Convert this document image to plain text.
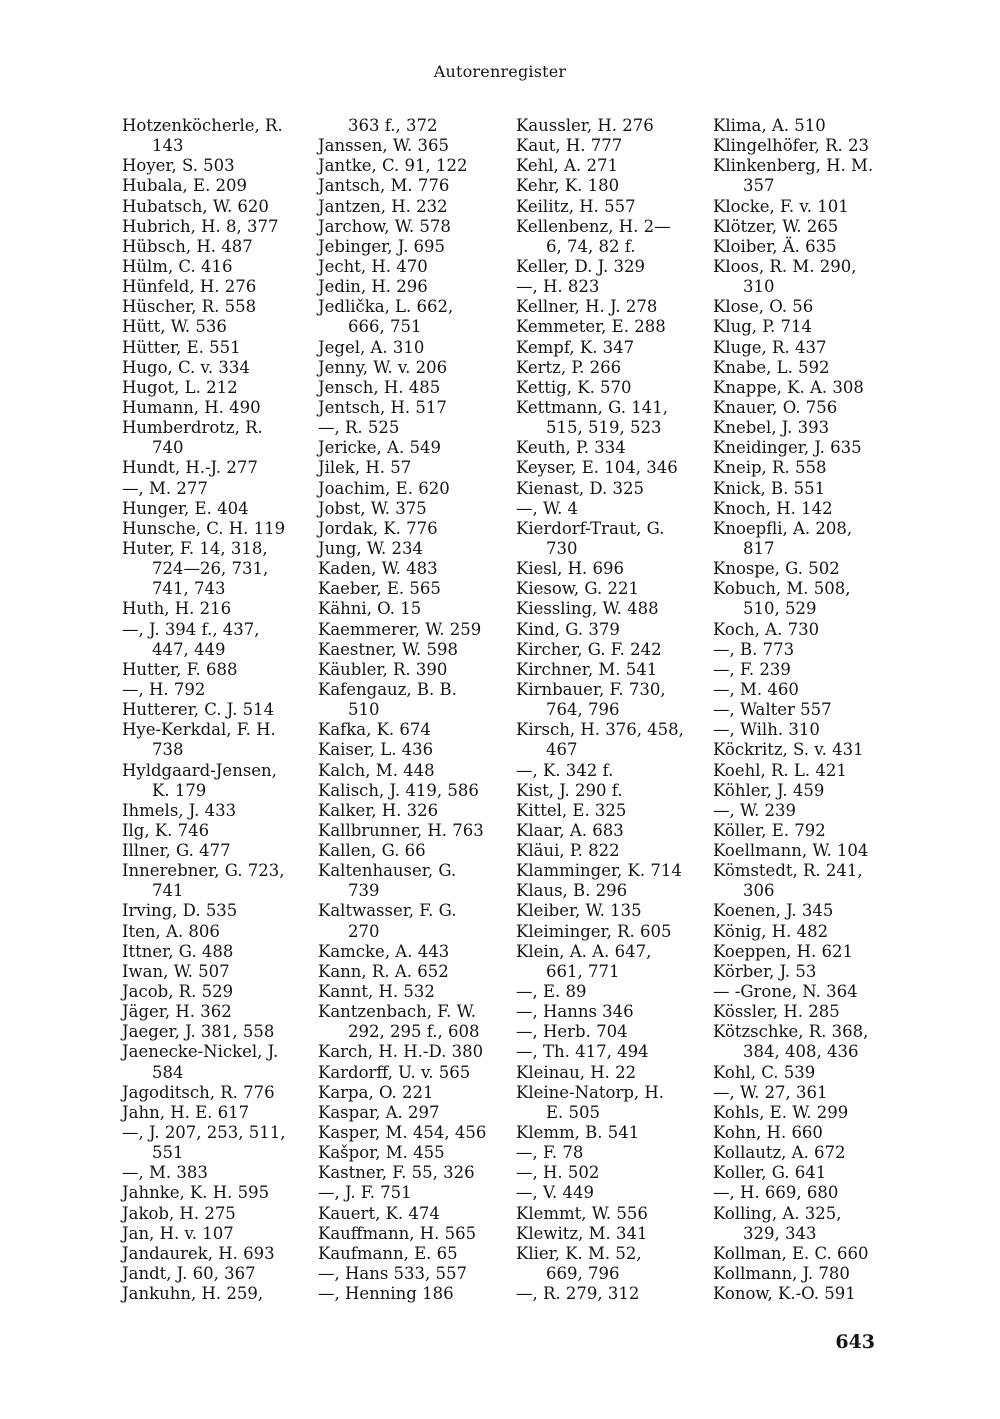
Autorenregister
Hotzenköcherle, R.
143
Hoyer, S. 503
Hubala, E. 209
Hubatsch, W. 620
Hubrich, H. 8, 377
Hübsch, H. 487
Hülm, C. 416
Hünfeld, H. 276
Hüscher, R. 558
Hütt, W. 536
Hütter, E. 551
Hugo, C. v. 334
Hugot, L. 212
Humann, H. 490
Humberdrotz, R.
740
Hundt, H.-J. 277
—, M. 277
Hunger, E. 404
Hunsche, C. H. 119
Huter, F. 14, 318,
724—26, 731,
741, 743
Huth, H. 216
—, J. 394 f., 437,
447, 449
Hutter, F. 688
—, H. 792
Hutterer, C. J. 514
Hye-Kerkdal, F. H.
738
Hyldgaard-Jensen,
K. 179
Ihmels, J. 433
Ilg, K. 746
Illner, G. 477
Innerebner, G. 723,
741
Irving, D. 535
Iten, A. 806
Ittner, G. 488
Iwan, W. 507
Jacob, R. 529
Jäger, H. 362
Jaeger, J. 381, 558
Jaenecke-Nickel, J.
584
Jagoditsch, R. 776
Jahn, H. E. 617
—, J. 207, 253, 511,
551
—, M. 383
Jahnke, K. H. 595
Jakob, H. 275
Jan, H. v. 107
Jandaurek, H. 693
Jandt, J. 60, 367
Jankuhn, H. 259,
363 f., 372
Janssen, W. 365
Jantke, C. 91, 122
Jantsch, M. 776
Jantzen, H. 232
Jarchow, W. 578
Jebinger, J. 695
Jecht, H. 470
Jedin, H. 296
Jedlička, L. 662,
666, 751
Jegel, A. 310
Jenny, W. v. 206
Jensch, H. 485
Jentsch, H. 517
—, R. 525
Jericke, A. 549
Jilek, H. 57
Joachim, E. 620
Jobst, W. 375
Jordak, K. 776
Jung, W. 234
Kaden, W. 483
Kaeber, E. 565
Kähni, O. 15
Kaemmerer, W. 259
Kaestner, W. 598
Käubler, R. 390
Kafengauz, B. B.
510
Kafka, K. 674
Kaiser, L. 436
Kalch, M. 448
Kalisch, J. 419, 586
Kalker, H. 326
Kallbrunner, H. 763
Kallen, G. 66
Kaltenhauser, G.
739
Kaltwasser, F. G.
270
Kamcke, A. 443
Kann, R. A. 652
Kannt, H. 532
Kantzenbach, F. W.
292, 295 f., 608
Karch, H. H.-D. 380
Kardorff, U. v. 565
Karpa, O. 221
Kaspar, A. 297
Kasper, M. 454, 456
Kašpor, M. 455
Kastner, F. 55, 326
—, J. F. 751
Kauert, K. 474
Kauffmann, H. 565
Kaufmann, E. 65
—, Hans 533, 557
—, Henning 186
Kaussler, H. 276
Kaut, H. 777
Kehl, A. 271
Kehr, K. 180
Keilitz, H. 557
Kellenbenz, H. 2—
6, 74, 82 f.
Keller, D. J. 329
—, H. 823
Kellner, H. J. 278
Kemmeter, E. 288
Kempf, K. 347
Kertz, P. 266
Kettig, K. 570
Kettmann, G. 141,
515, 519, 523
Keuth, P. 334
Keyser, E. 104, 346
Kienast, D. 325
—, W. 4
Kierdorf-Traut, G.
730
Kiesl, H. 696
Kiesow, G. 221
Kiessling, W. 488
Kind, G. 379
Kircher, G. F. 242
Kirchner, M. 541
Kirnbauer, F. 730,
764, 796
Kirsch, H. 376, 458,
467
—, K. 342 f.
Kist, J. 290 f.
Kittel, E. 325
Klaar, A. 683
Kläui, P. 822
Klamminger, K. 714
Klaus, B. 296
Kleiber, W. 135
Kleiminger, R. 605
Klein, A. A. 647,
661, 771
—, E. 89
—, Hanns 346
—, Herb. 704
—, Th. 417, 494
Kleinau, H. 22
Kleine-Natorp, H.
E. 505
Klemm, B. 541
—, F. 78
—, H. 502
—, V. 449
Klemmt, W. 556
Klewitz, M. 341
Klier, K. M. 52,
669, 796
—, R. 279, 312
Klima, A. 510
Klingelhöfer, R. 23
Klinkenberg, H. M.
357
Klocke, F. v. 101
Klötzer, W. 265
Kloiber, Ä. 635
Kloos, R. M. 290,
310
Klose, O. 56
Klug, P. 714
Kluge, R. 437
Knabe, L. 592
Knappe, K. A. 308
Knauer, O. 756
Knebel, J. 393
Kneidinger, J. 635
Kneip, R. 558
Knick, B. 551
Knoch, H. 142
Knoepfli, A. 208,
817
Knospe, G. 502
Kobuch, M. 508,
510, 529
Koch, A. 730
—, B. 773
—, F. 239
—, M. 460
—, Walter 557
—, Wilh. 310
Köckritz, S. v. 431
Koehl, R. L. 421
Köhler, J. 459
—, W. 239
Köller, E. 792
Koellmann, W. 104
Kömstedt, R. 241,
306
Koenen, J. 345
König, H. 482
Koeppen, H. 621
Körber, J. 53
— -Grone, N. 364
Kössler, H. 285
Kötzschke, R. 368,
384, 408, 436
Kohl, C. 539
—, W. 27, 361
Kohls, E. W. 299
Kohn, H. 660
Kollautz, A. 672
Koller, G. 641
—, H. 669, 680
Kolling, A. 325,
329, 343
Kollman, E. C. 660
Kollmann, J. 780
Konow, K.-O. 591
643
